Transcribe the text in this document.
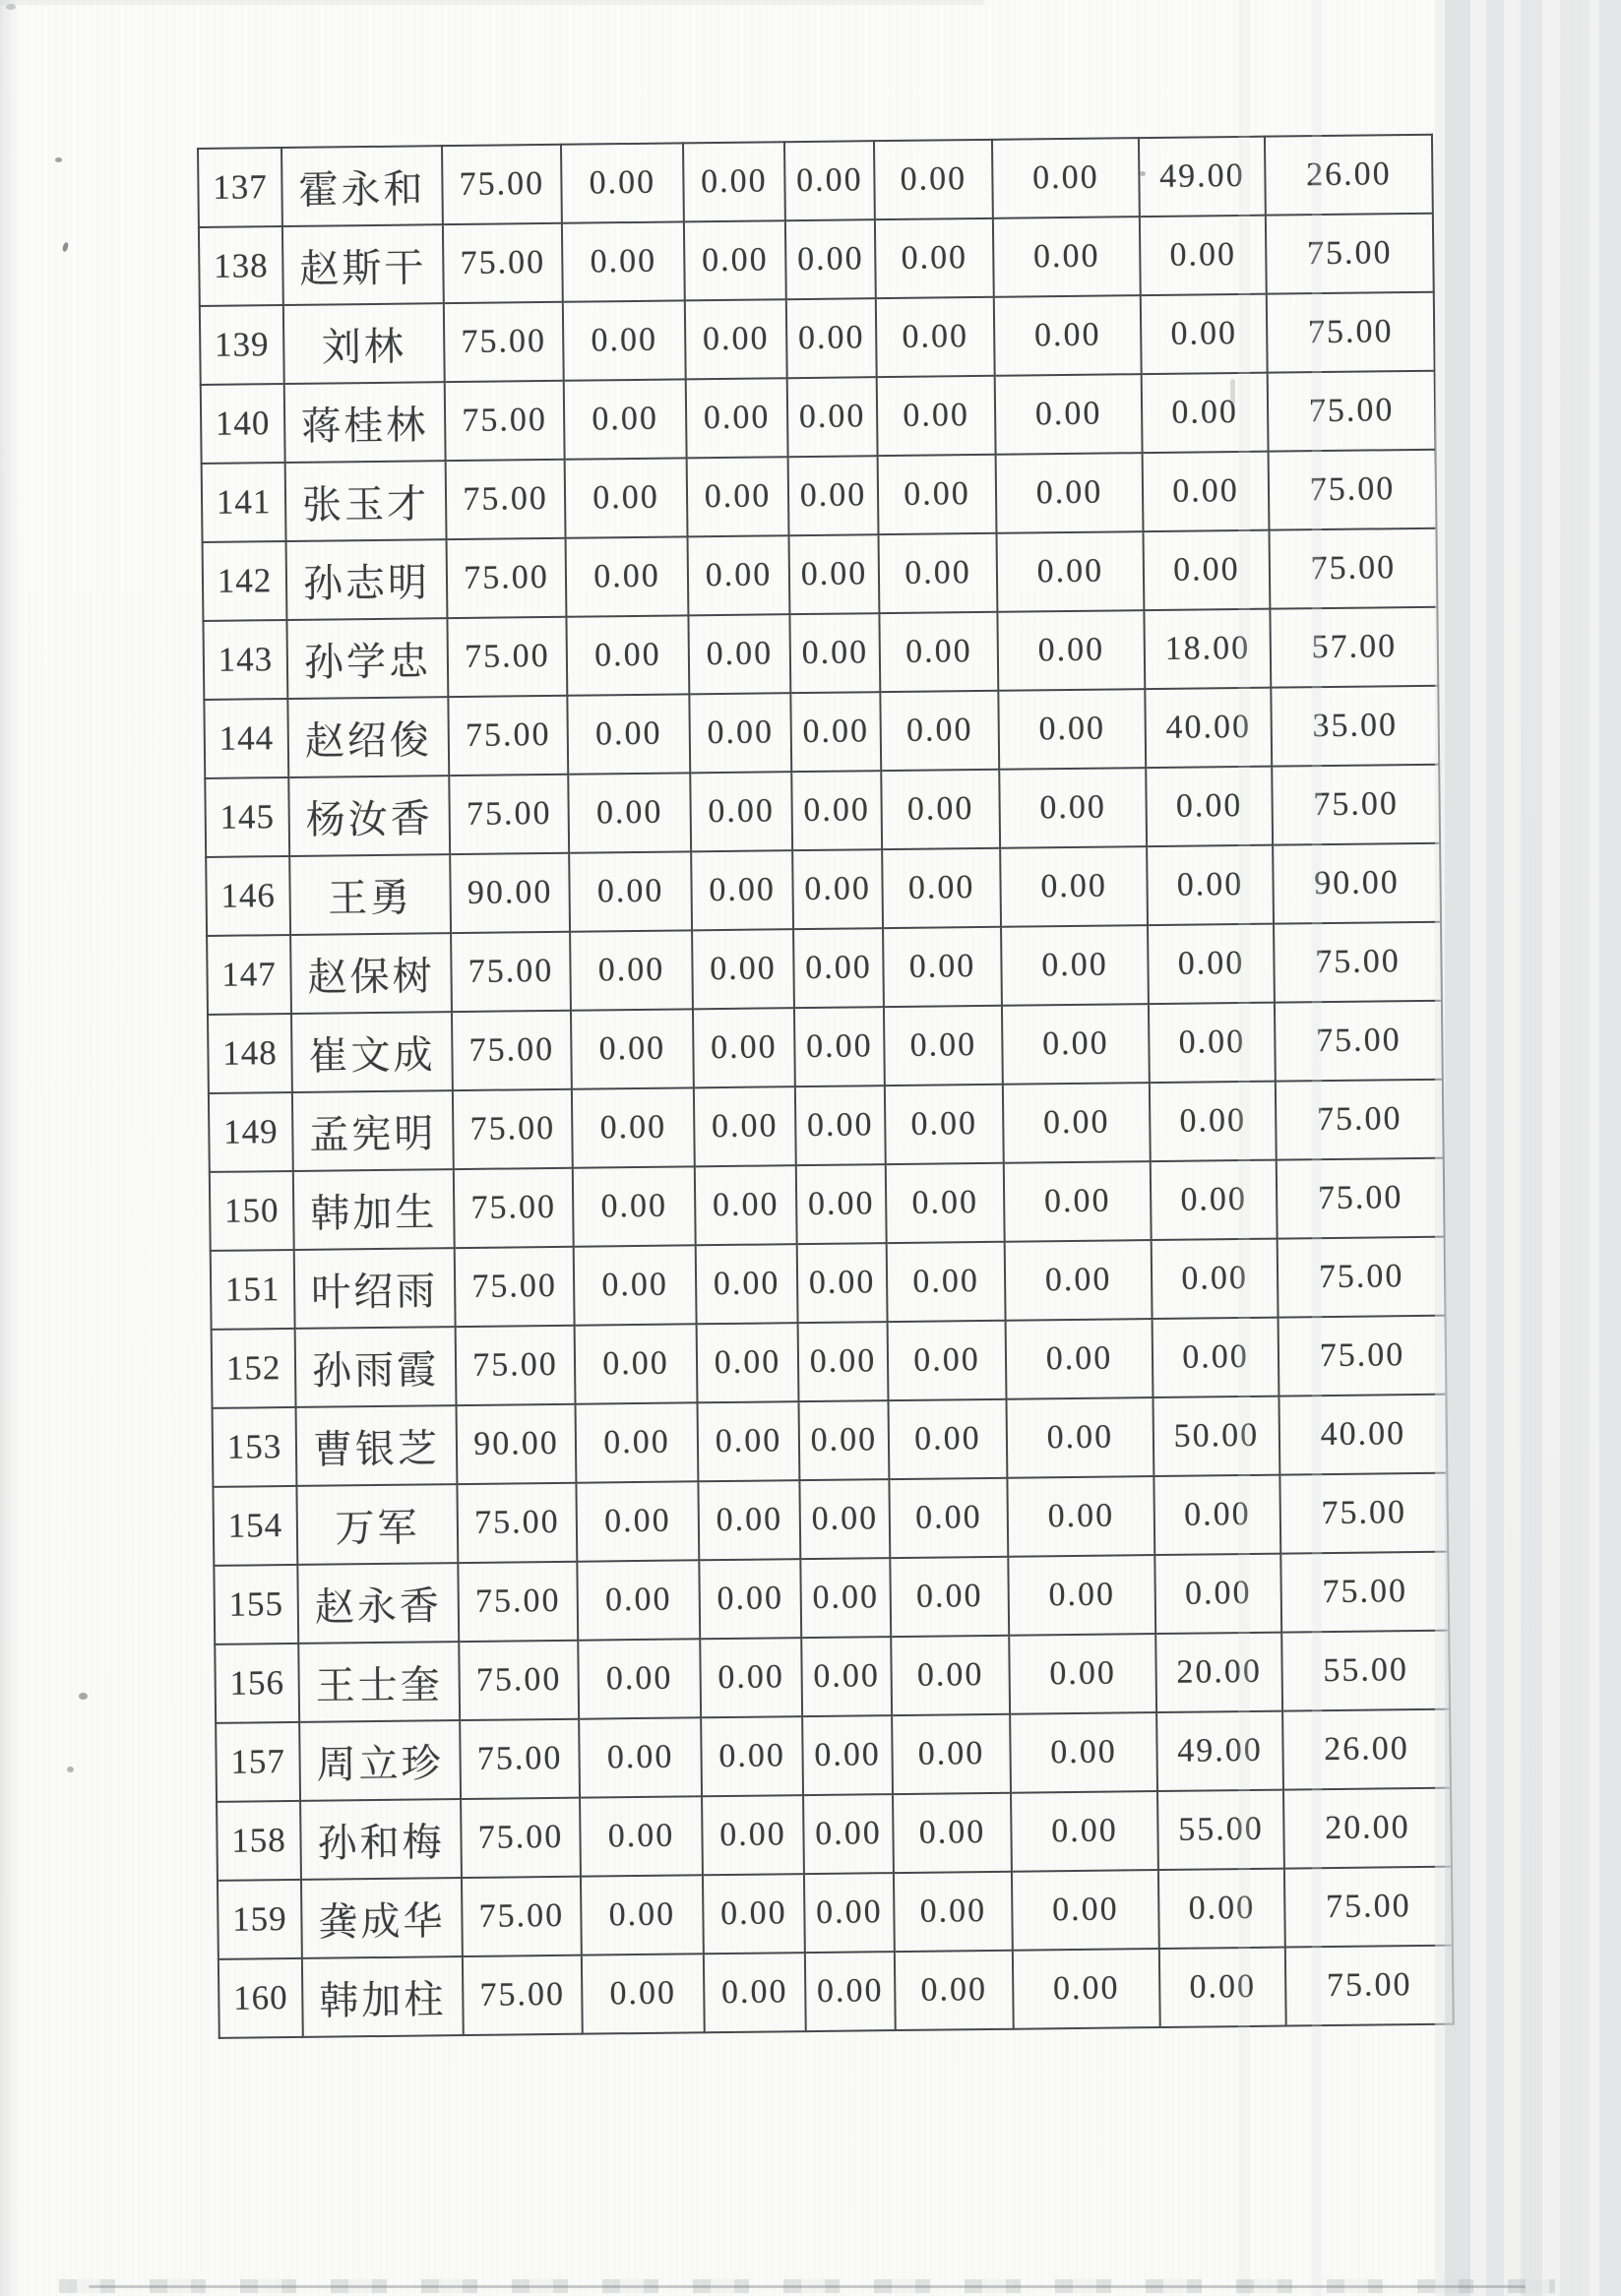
137	霍永和	75.00	0.00	0.00	0.00	0.00	0.00	49.00	26.00
138	赵斯干	75.00	0.00	0.00	0.00	0.00	0.00	0.00	75.00
139	刘林	75.00	0.00	0.00	0.00	0.00	0.00	0.00	75.00
140	蒋桂林	75.00	0.00	0.00	0.00	0.00	0.00	0.00	75.00
141	张玉才	75.00	0.00	0.00	0.00	0.00	0.00	0.00	75.00
142	孙志明	75.00	0.00	0.00	0.00	0.00	0.00	0.00	75.00
143	孙学忠	75.00	0.00	0.00	0.00	0.00	0.00	18.00	57.00
144	赵绍俊	75.00	0.00	0.00	0.00	0.00	0.00	40.00	35.00
145	杨汝香	75.00	0.00	0.00	0.00	0.00	0.00	0.00	75.00
146	王勇	90.00	0.00	0.00	0.00	0.00	0.00	0.00	90.00
147	赵保树	75.00	0.00	0.00	0.00	0.00	0.00	0.00	75.00
148	崔文成	75.00	0.00	0.00	0.00	0.00	0.00	0.00	75.00
149	孟宪明	75.00	0.00	0.00	0.00	0.00	0.00	0.00	75.00
150	韩加生	75.00	0.00	0.00	0.00	0.00	0.00	0.00	75.00
151	叶绍雨	75.00	0.00	0.00	0.00	0.00	0.00	0.00	75.00
152	孙雨霞	75.00	0.00	0.00	0.00	0.00	0.00	0.00	75.00
153	曹银芝	90.00	0.00	0.00	0.00	0.00	0.00	50.00	40.00
154	万军	75.00	0.00	0.00	0.00	0.00	0.00	0.00	75.00
155	赵永香	75.00	0.00	0.00	0.00	0.00	0.00	0.00	75.00
156	王士奎	75.00	0.00	0.00	0.00	0.00	0.00	20.00	55.00
157	周立珍	75.00	0.00	0.00	0.00	0.00	0.00	49.00	26.00
158	孙和梅	75.00	0.00	0.00	0.00	0.00	0.00	55.00	20.00
159	龚成华	75.00	0.00	0.00	0.00	0.00	0.00	0.00	75.00
160	韩加柱	75.00	0.00	0.00	0.00	0.00	0.00	0.00	75.00
